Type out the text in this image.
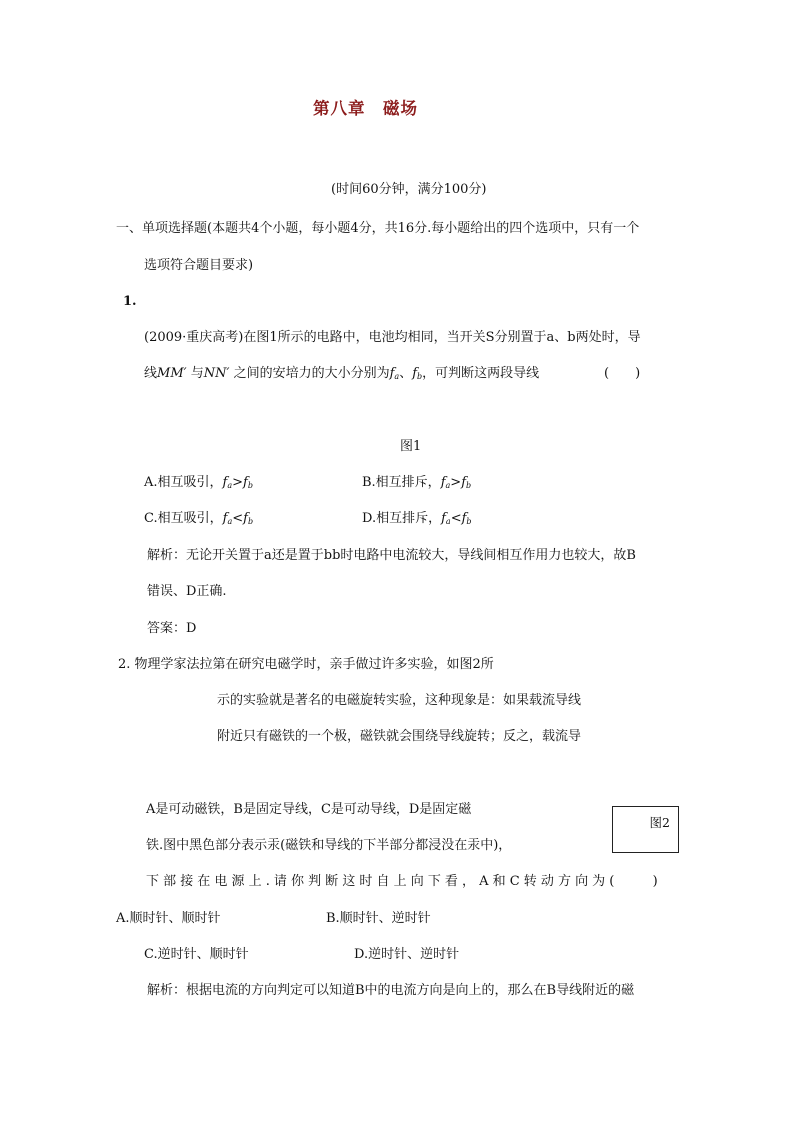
第八章　磁场
(时间60分钟，满分100分)
一、单项选择题(本题共4个小题，每小题4分，共16分.每小题给出的四个选项中，只有一个
选项符合题目要求)
1.
(2009·重庆高考)在图1所示的电路中，电池均相同，当开关S分别置于a、b两处时，导
线MM′ 与NN′ 之间的安培力的大小分别为$f_a$、$f_b$，可判断这两段导线	(　　)
图1
A.相互吸引，$f_a>f_b$	B.相互排斥，$f_a>f_b$
C.相互吸引，$f_a<f_b$	D.相互排斥，$f_a<f_b$
解析：无论开关置于a还是置于bb时电路中电流较大，导线间相互作用力也较大，故B
错误、D正确.
答案：D
2. 物理学家法拉第在研究电磁学时，亲手做过许多实验，如图2所
示的实验就是著名的电磁旋转实验，这种现象是：如果载流导线
附近只有磁铁的一个极，磁铁就会围绕导线旋转；反之，载流导
A是可动磁铁，B是固定导线，C是可动导线，D是固定磁
图2
铁.图中黑色部分表示汞(磁铁和导线的下半部分都浸没在汞中)，
下部接在电源上.请你判断这时自上向下看，A和C转动方向为(　　)
A.顺时针、顺时针	B.顺时针、逆时针
C.逆时针、顺时针	D.逆时针、逆时针
解析：根据电流的方向判定可以知道B中的电流方向是向上的，那么在B导线附近的磁
